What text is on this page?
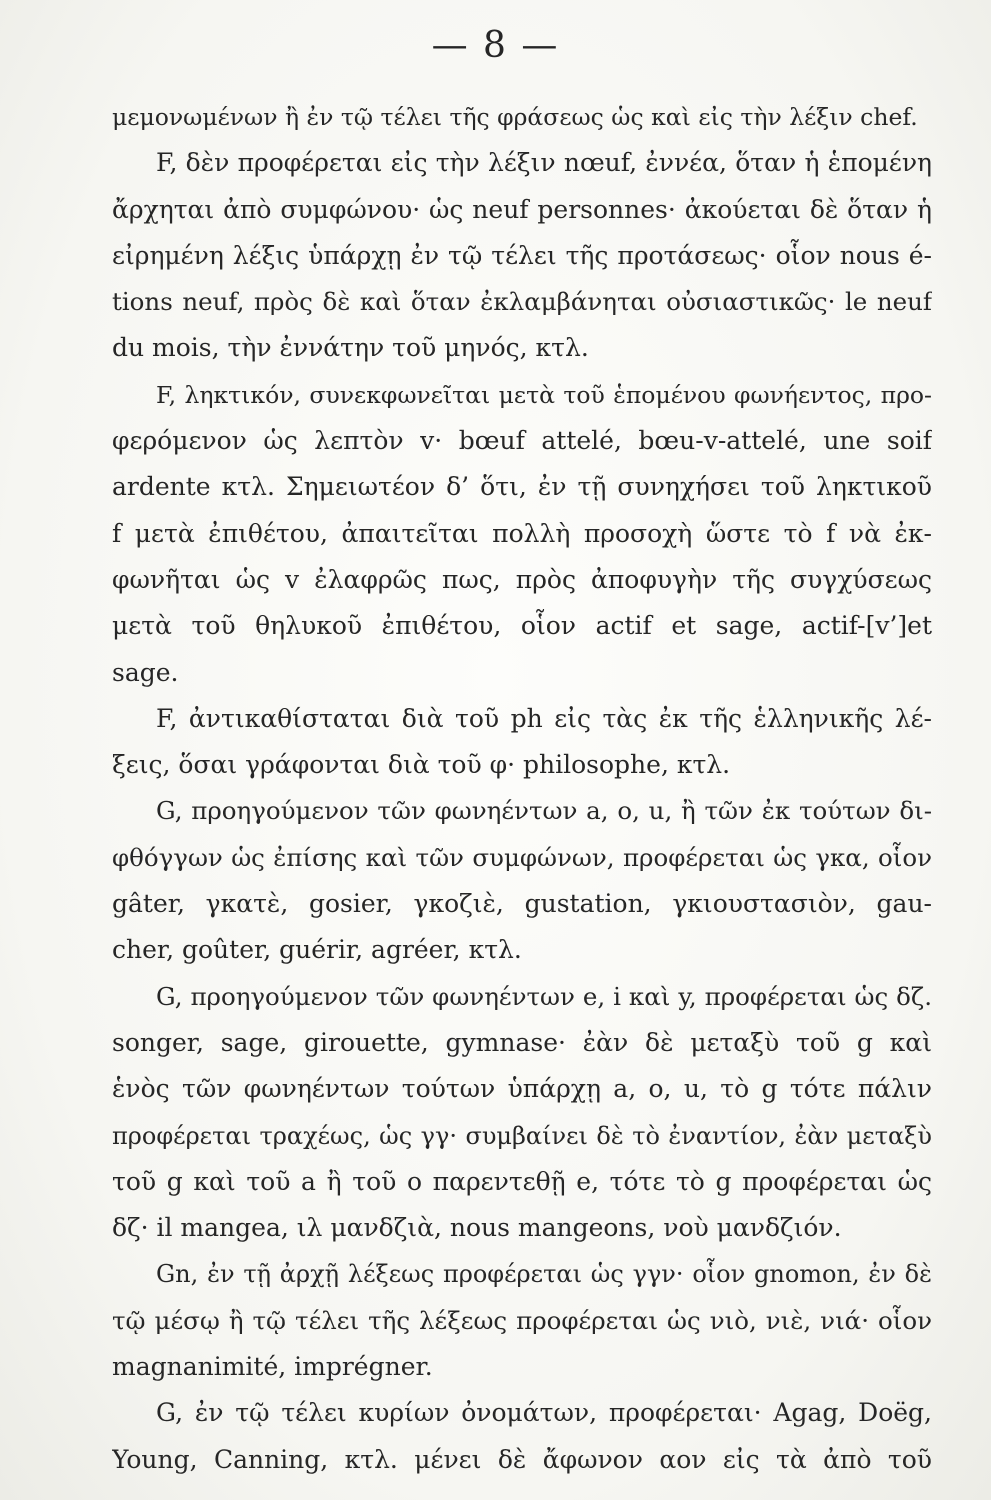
— 8 —
μεμονωμένων ἢ ἐν τῷ τέλει τῆς φράσεως ὡς καὶ εἰς τὴν λέξιν chef.
F, δὲν προφέρεται εἰς τὴν λέξιν nœuf, ἐννέα, ὅταν ἡ ἑπομένη
ἄρχηται ἀπὸ συμφώνου· ὡς neuf personnes· ἀκούεται δὲ ὅταν ἡ
εἰρημένη λέξις ὑπάρχῃ ἐν τῷ τέλει τῆς προτάσεως· οἷον nous é-
tions neuf, πρὸς δὲ καὶ ὅταν ἐκλαμβάνηται οὐσιαστικῶς· le neuf
du mois, τὴν ἐννάτην τοῦ μηνός, κτλ.
F, ληκτικόν, συνεκφωνεῖται μετὰ τοῦ ἑπομένου φωνήεντος, προ-
φερόμενον ὡς λεπτὸν v· bœuf attelé, bœu-v-attelé, une soif
ardente κτλ. Σημειωτέον δ’ ὅτι, ἐν τῇ συνηχήσει τοῦ ληκτικοῦ
f μετὰ ἐπιθέτου, ἀπαιτεῖται πολλὴ προσοχὴ ὥστε τὸ f νὰ ἐκ-
φωνῆται ὡς v ἐλαφρῶς πως, πρὸς ἀποφυγὴν τῆς συγχύσεως
μετὰ τοῦ θηλυκοῦ ἐπιθέτου, οἷον actif et sage, actif-[v’]et
sage.
F, ἀντικαθίσταται διὰ τοῦ ph εἰς τὰς ἐκ τῆς ἑλληνικῆς λέ-
ξεις, ὅσαι γράφονται διὰ τοῦ φ· philosophe, κτλ.
G, προηγούμενον τῶν φωνηέντων a, o, u, ἢ τῶν ἐκ τούτων δι-
φθόγγων ὡς ἐπίσης καὶ τῶν συμφώνων, προφέρεται ὡς γκα, οἷον
gâter, γκατὲ, gosier, γκοζιὲ, gustation, γκιουστασιὸν, gau-
cher, goûter, guérir, agréer, κτλ.
G, προηγούμενον τῶν φωνηέντων e, i καὶ y, προφέρεται ὡς δζ.
songer, sage, girouette, gymnase· ἐὰν δὲ μεταξὺ τοῦ g καὶ
ἑνὸς τῶν φωνηέντων τούτων ὑπάρχῃ a, o, u, τὸ g τότε πάλιν
προφέρεται τραχέως, ὡς γγ· συμβαίνει δὲ τὸ ἐναντίον, ἐὰν μεταξὺ
τοῦ g καὶ τοῦ a ἢ τοῦ o παρεντεθῇ e, τότε τὸ g προφέρεται ὡς
δζ· il mangea, ιλ μανδζιὰ, nous mangeons, νοὺ μανδζιόν.
Gn, ἐν τῇ ἀρχῇ λέξεως προφέρεται ὡς γγν· οἷον gnomon, ἐν δὲ
τῷ μέσῳ ἢ τῷ τέλει τῆς λέξεως προφέρεται ὡς νιὸ, νιὲ, νιά· οἷον
magnanimité, imprégner.
G, ἐν τῷ τέλει κυρίων ὀνομάτων, προφέρεται· Agag, Doëg,
Young, Canning, κτλ. μένει δὲ ἄφωνον αον εἰς τὰ ἀπὸ τοῦ
